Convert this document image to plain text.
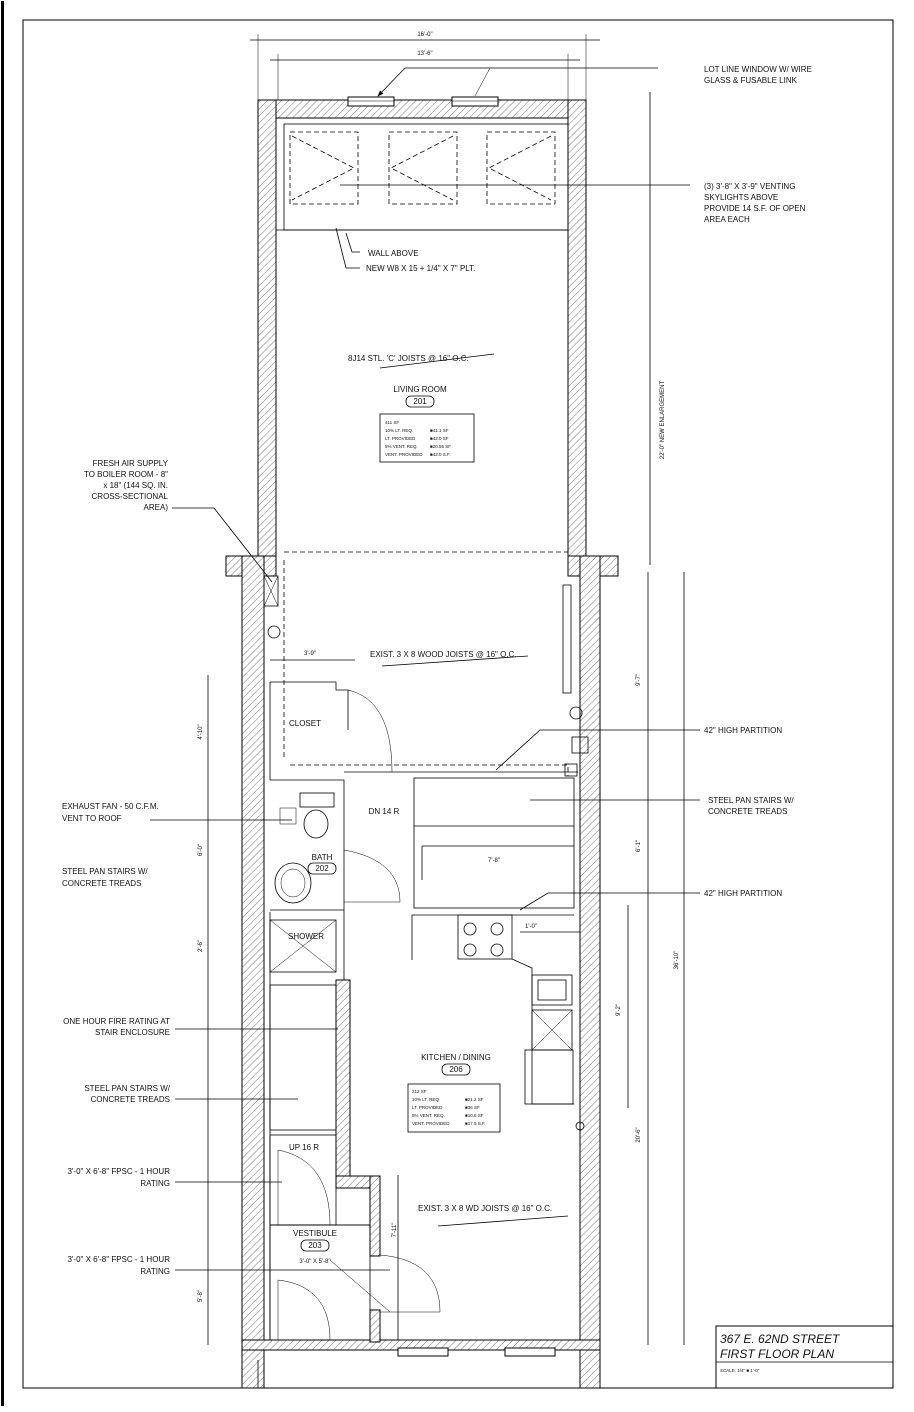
16'-0"
13'-6"
22'-0" NEW ENLARGEMENT
9'-7"
6'-1"
36'-10"
9'-2"
20'-6"
4'-10"
6'-0"
2'-6"
5'-8"
3'-9"
7'-11"
7'-8"
1'-0"
3'-0" X 5'-8"
LOT LINE WINDOW W/ WIRE
GLASS & FUSABLE LINK
(3) 3'-8" X 3'-9" VENTING
SKYLIGHTS ABOVE
PROVIDE 14 S.F. OF OPEN
AREA EACH
WALL ABOVE
NEW W8 X 15 + 1/4" X 7" PLT.
8J14 STL. 'C' JOISTS @ 16" O.C.
EXIST. 3 X 8 WOOD JOISTS @ 16" O.C.
EXIST. 3 X 8 WD JOISTS @ 16" O.C.
FRESH AIR SUPPLY
TO BOILER ROOM - 8"
x 18" (144 SQ. IN.
CROSS-SECTIONAL
AREA)
42" HIGH PARTITION
STEEL PAN STAIRS W/
CONCRETE TREADS
42" HIGH PARTITION
EXHAUST FAN - 50 C.F.M.
VENT TO ROOF
STEEL PAN STAIRS W/
CONCRETE TREADS
ONE HOUR FIRE RATING AT
STAIR ENCLOSURE
STEEL PAN STAIRS W/
CONCRETE TREADS
3'-0" X 6'-8" FPSC - 1 HOUR
RATING
3'-0" X 6'-8" FPSC - 1 HOUR
RATING
DN 14 R
UP 16 R
LIVING ROOM
201
411 SF
10% LT. REQ.	■41.1 SF
LT. PROVIDED	■42.0 SF
5% VENT. REQ.	■20.55 SF
VENT. PROVIDED ■42.0 S.F.
CLOSET
BATH
202
SHOWER
KITCHEN / DINING
206
212 SF
10% LT. REQ.	■21.2 SF
LT. PROVIDED	■36 SF
5% VENT. REQ.	■10.6 SF
VENT. PROVIDED	■17.5 S.F.
VESTIBULE
203
367 E. 62ND STREET
FIRST FLOOR PLAN
SCALE: 1/4" ■ 1'-0"
